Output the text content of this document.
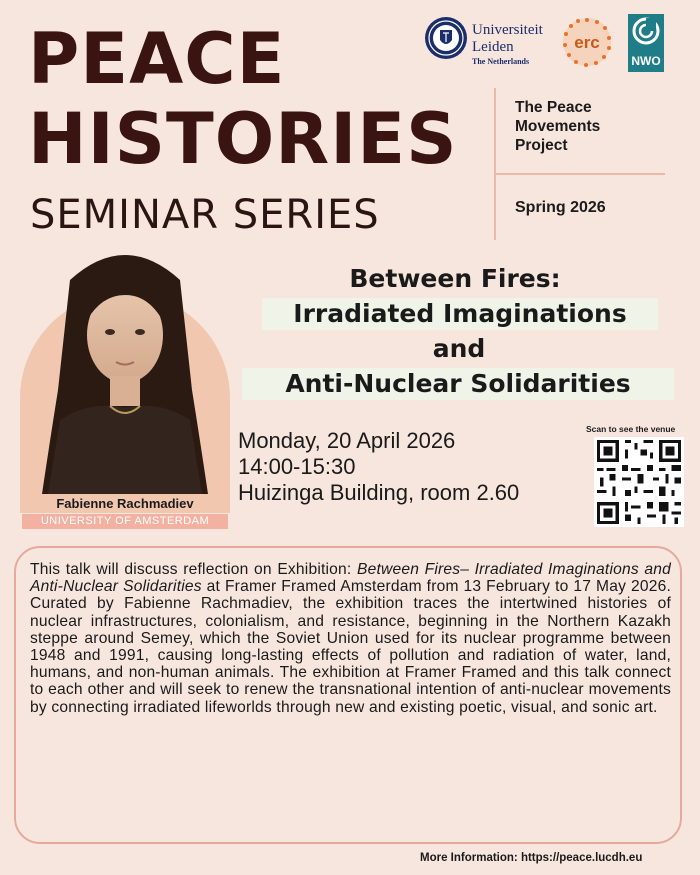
PEACE
HISTORIES
SEMINAR SERIES
Universiteit
Leiden
The Netherlands
erc
NWO
The Peace
Movements
Project
Spring 2026
Fabienne Rachmadiev
UNIVERSITY OF AMSTERDAM
Between Fires:
Irradiated Imaginations
and
Anti-Nuclear Solidarities
Monday, 20 April 2026
14:00-15:30
Huizinga Building, room 2.60
Scan to see the venue
This talk will discuss reflection on Exhibition: Between Fires– Irradiated Imaginations and Anti-Nuclear Solidarities at Framer Framed Amsterdam from 13 February to 17 May 2026. Curated by Fabienne Rachmadiev, the exhibition traces the intertwined histories of nuclear infrastructures, colonialism, and resistance, beginning in the Northern Kazakh steppe around Semey, which the Soviet Union used for its nuclear programme between 1948 and 1991, causing long-lasting effects of pollution and radiation of water, land, humans, and non-human animals. The exhibition at Framer Framed and this talk connect to each other and will seek to renew the transnational intention of anti-nuclear movements by connecting irradiated lifeworlds through new and existing poetic, visual, and sonic art.
More Information: https://peace.lucdh.eu
